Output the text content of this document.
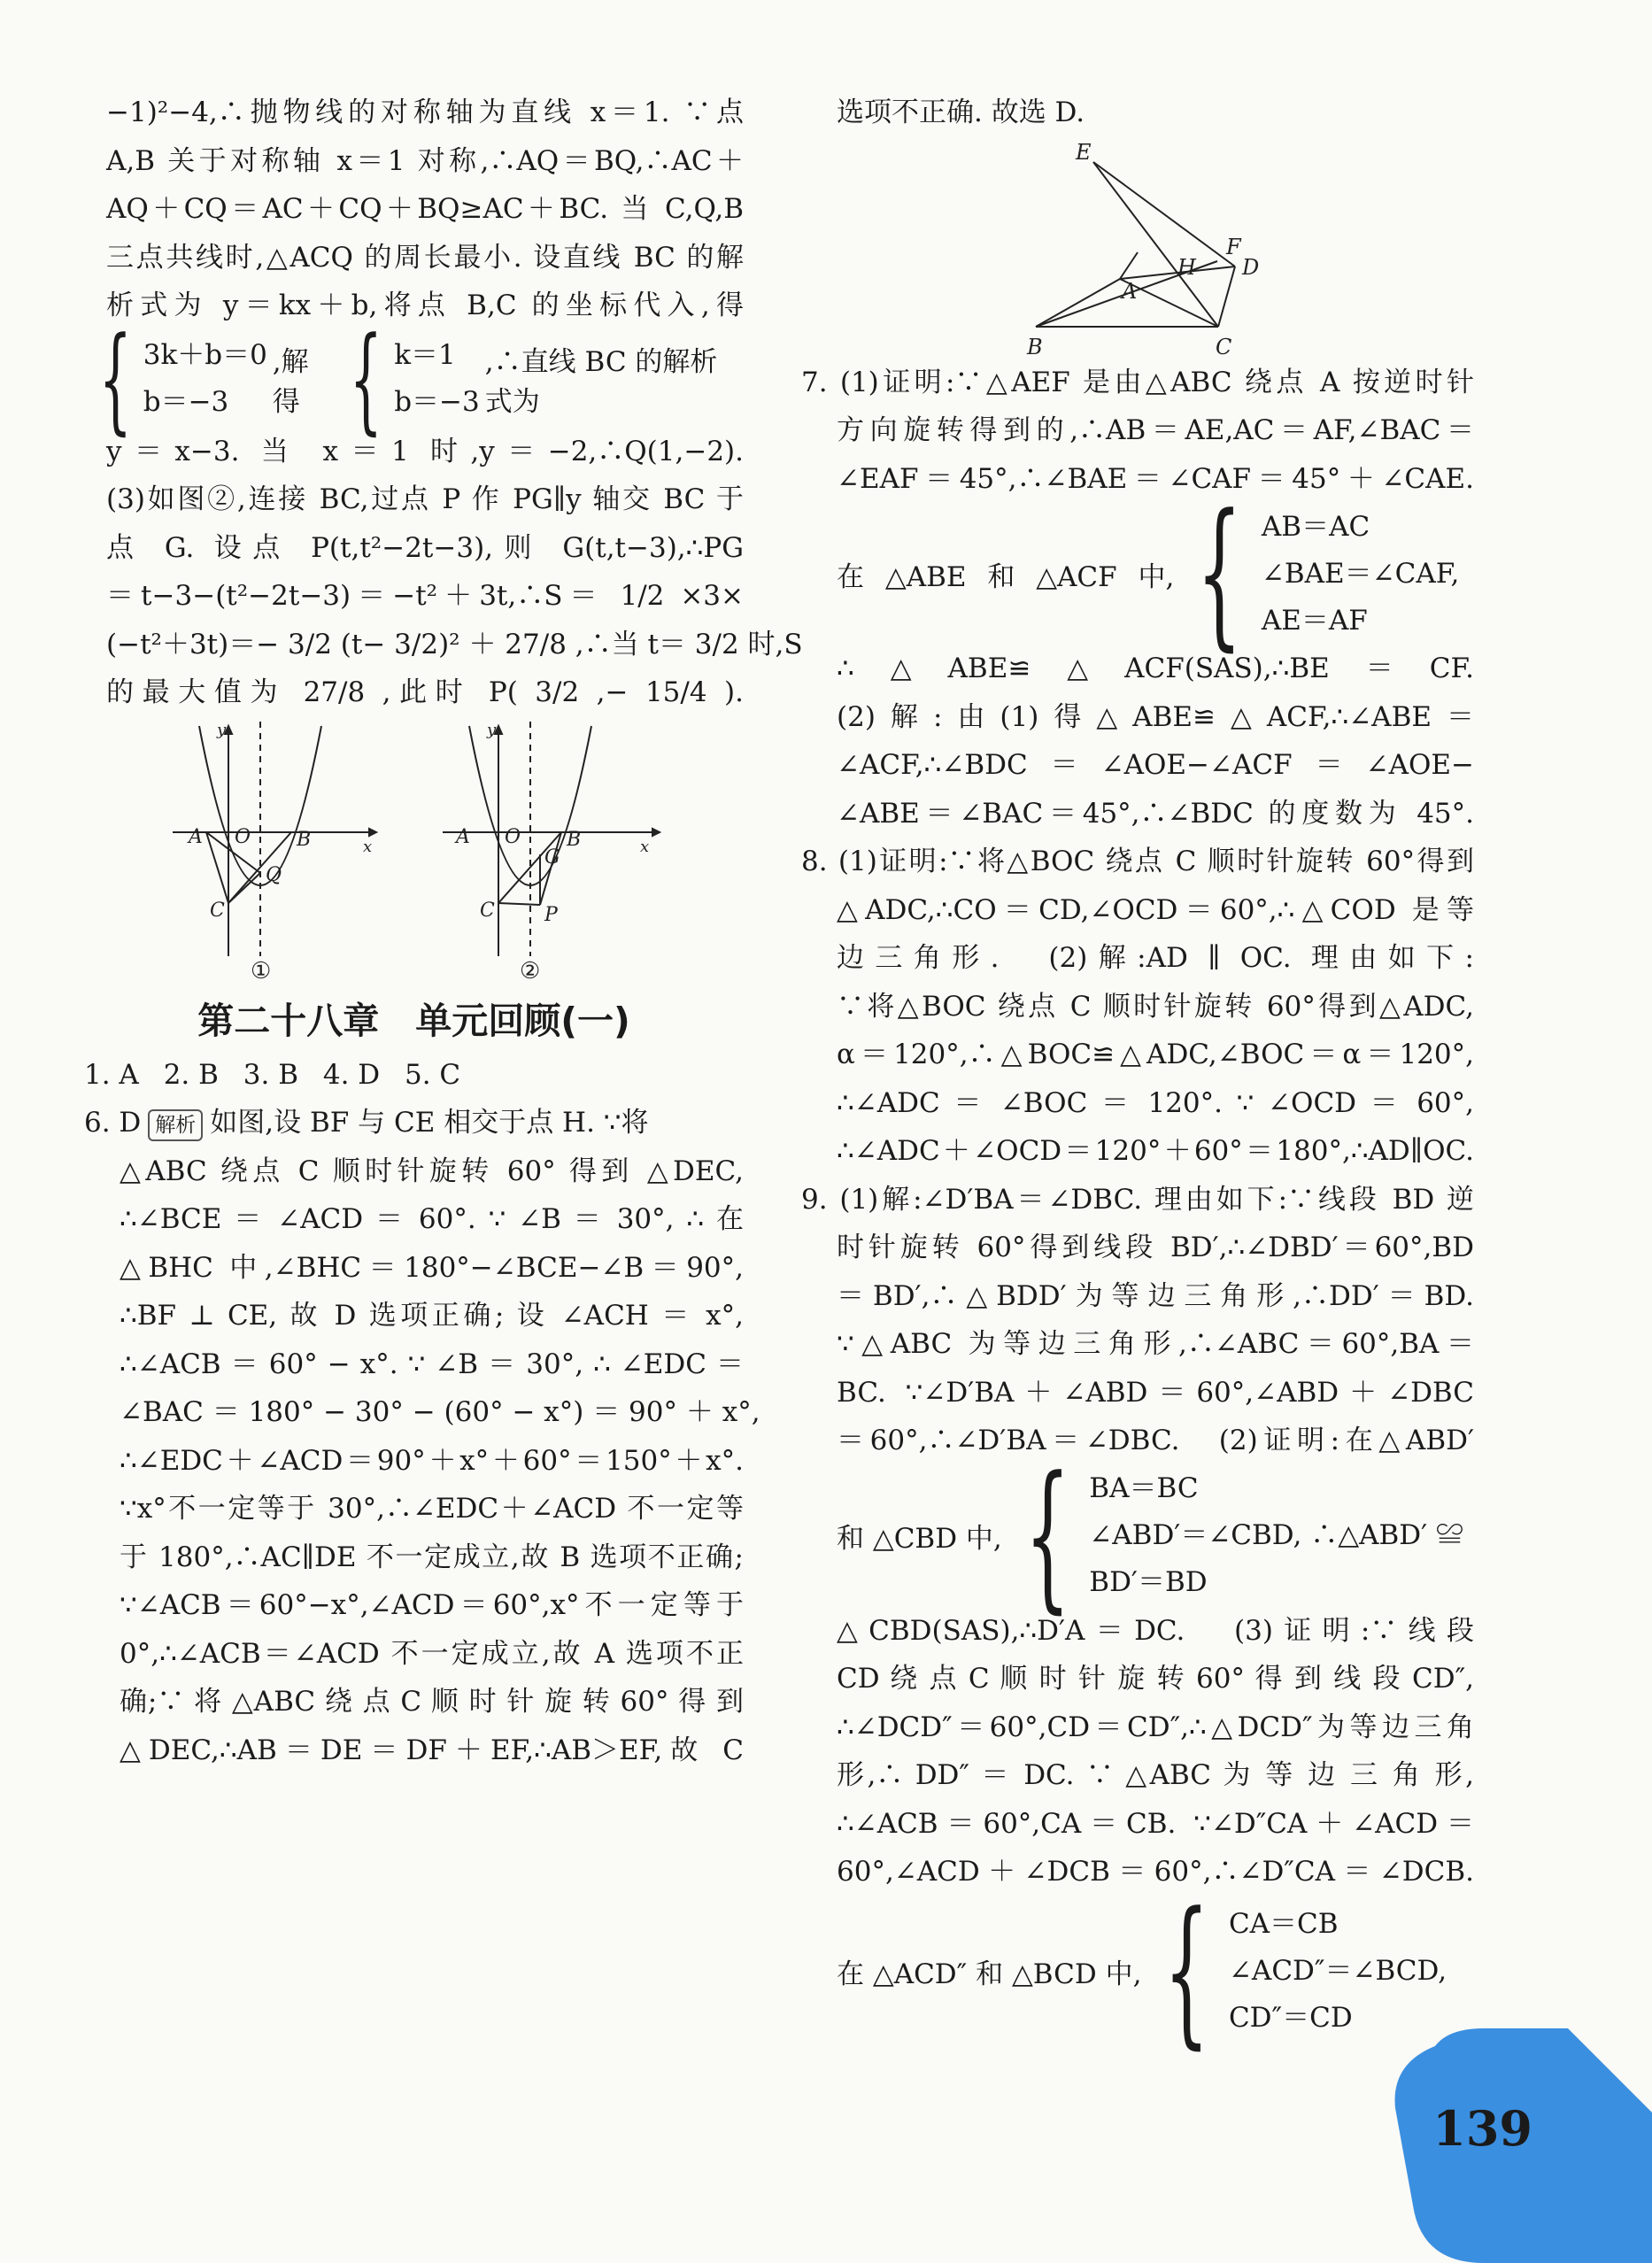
−1)²−4,∴抛物线的对称轴为直线 x＝1. ∵点
A,B 关于对称轴 x＝1 对称,∴AQ＝BQ,∴AC＋
AQ＋CQ＝AC＋CQ＋BQ≥AC＋BC. 当 C,Q,B
三点共线时,△ACQ 的周长最小. 设直线 BC 的解
析式为 y＝kx＋b,将点 B,C 的坐标代入,得
{ 3k＋b＝0
b＝−3
,解得 { k＝1
b＝−3
,∴直线 BC 的解析式为
y＝x−3. 当 x＝1 时,y＝−2,∴Q(1,−2).
(3)如图②,连接 BC,过点 P 作 PG∥y 轴交 BC 于
点 G. 设点 P(t,t²−2t−3),则 G(t,t−3),∴PG
＝t−3−(t²−2t−3)＝−t²＋3t,∴S＝ 1/2 ×3×
(−t²＋3t)＝− 3/2 (t− 3/2)² ＋ 27/8 ,∴当 t＝ 3/2 时,S
的最大值为 27/8 ,此时 P( 3/2 ,− 15/4 ).
A O B	x
y
Q
C
①
A O B	x
y
G
P
C
②
第二十八章　单元回顾(一)
1. A 2. B 3. B 4. D 5. C
6. D 解析 如图,设 BF 与 CE 相交于点 H. ∵将
△ABC 绕点 C 顺时针旋转 60° 得到 △DEC,
∴∠BCE ＝ ∠ACD ＝ 60°. ∵ ∠B ＝ 30°, ∴ 在
△BHC 中,∠BHC＝180°−∠BCE−∠B＝90°,
∴BF ⊥ CE, 故 D 选项正确; 设 ∠ACH ＝ x°,
∴∠ACB ＝ 60° − x°. ∵ ∠B ＝ 30°, ∴ ∠EDC ＝
∠BAC ＝ 180° − 30° − (60° − x°) ＝ 90° ＋ x°,
∴∠EDC＋∠ACD＝90°＋x°＋60°＝150°＋x°.
∵x°不一定等于 30°,∴∠EDC＋∠ACD 不一定等
于 180°,∴AC∥DE 不一定成立,故 B 选项不正确;
∵∠ACB＝60°−x°,∠ACD＝60°,x°不一定等于
0°,∴∠ACB＝∠ACD 不一定成立,故 A 选项不正
确;∵ 将 △ABC 绕 点 C 顺 时 针 旋 转 60° 得 到
△DEC,∴AB＝DE＝DF＋EF,∴AB＞EF,故 C
选项不正确. 故选 D.
E
F
H D
A
B	C
7. (1)证明:∵△AEF 是由△ABC 绕点 A 按逆时针
方向旋转得到的,∴AB＝AE,AC＝AF,∠BAC＝
∠EAF＝45°,∴∠BAE＝∠CAF＝45°＋∠CAE.
在 △ABE 和 △ACF 中, { AB＝AC
∠BAE＝∠CAF,
AE＝AF
∴△ABE≌△ACF(SAS),∴BE＝CF.
(2)解:由(1)得△ABE≌△ACF,∴∠ABE＝
∠ACF,∴∠BDC＝∠AOE−∠ACF＝∠AOE−
∠ABE＝∠BAC＝45°,∴∠BDC 的度数为 45°.
8. (1)证明:∵将△BOC 绕点 C 顺时针旋转 60°得到
△ADC,∴CO＝CD,∠OCD＝60°,∴△COD 是等
边三角形.　(2)解:AD ∥ OC. 理由如下:
∵将△BOC 绕点 C 顺时针旋转 60°得到△ADC,
α＝120°,∴△BOC≌△ADC,∠BOC＝α＝120°,
∴∠ADC ＝ ∠BOC ＝ 120°. ∵ ∠OCD ＝ 60°,
∴∠ADC＋∠OCD＝120°＋60°＝180°,∴AD∥OC.
9. (1)解:∠D′BA＝∠DBC. 理由如下:∵线段 BD 逆
时针旋转 60°得到线段 BD′,∴∠DBD′＝60°,BD
＝BD′,∴△BDD′为等边三角形,∴DD′＝BD.
∵△ABC 为等边三角形,∴∠ABC＝60°,BA＝
BC. ∵∠D′BA＋∠ABD＝60°,∠ABD＋∠DBC
＝60°,∴∠D′BA＝∠DBC.　(2)证明:在△ABD′
和 △CBD 中, { BA＝BC
∠ABD′＝∠CBD, ∴△ABD′ ≌
BD′＝BD
△CBD(SAS),∴D′A＝DC.　(3)证明:∵线段
CD 绕 点 C 顺 时 针 旋 转 60° 得 到 线 段 CD″,
∴∠DCD″＝60°,CD＝CD″,∴△DCD″为等边三角
形,∴ DD″ ＝ DC. ∵ △ABC 为 等 边 三 角 形,
∴∠ACB＝60°,CA＝CB. ∵∠D″CA＋∠ACD＝
60°,∠ACD＋∠DCB＝60°,∴∠D″CA＝∠DCB.
在 △ACD″ 和 △BCD 中, { CA＝CB
∠ACD″＝∠BCD,
CD″＝CD
139
